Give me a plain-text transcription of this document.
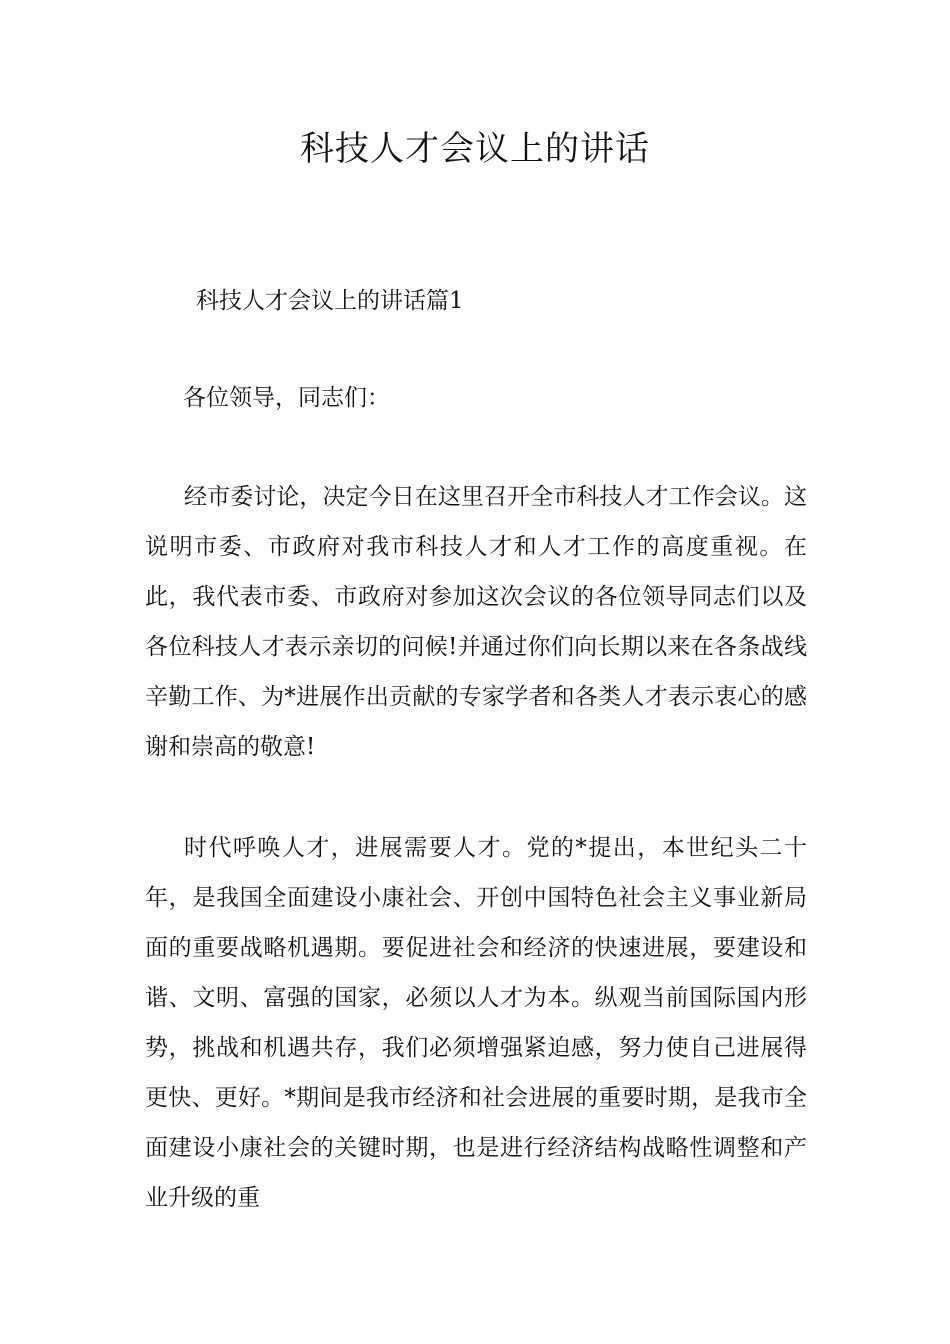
科技人才会议上的讲话

科技人才会议上的讲话篇1

各位领导，同志们：

经市委讨论，决定今日在这里召开全市科技人才工作会议。这说明市委、市政府对我市科技人才和人才工作的高度重视。在此，我代表市委、市政府对参加这次会议的各位领导同志们以及各位科技人才表示亲切的问候!并通过你们向长期以来在各条战线辛勤工作、为*进展作出贡献的专家学者和各类人才表示衷心的感谢和崇高的敬意!

时代呼唤人才，进展需要人才。党的*提出，本世纪头二十年，是我国全面建设小康社会、开创中国特色社会主义事业新局面的重要战略机遇期。要促进社会和经济的快速进展，要建设和谐、文明、富强的国家，必须以人才为本。纵观当前国际国内形势，挑战和机遇共存，我们必须增强紧迫感，努力使自己进展得更快、更好。*期间是我市经济和社会进展的重要时期，是我市全面建设小康社会的关键时期，也是进行经济结构战略性调整和产业升级的重
